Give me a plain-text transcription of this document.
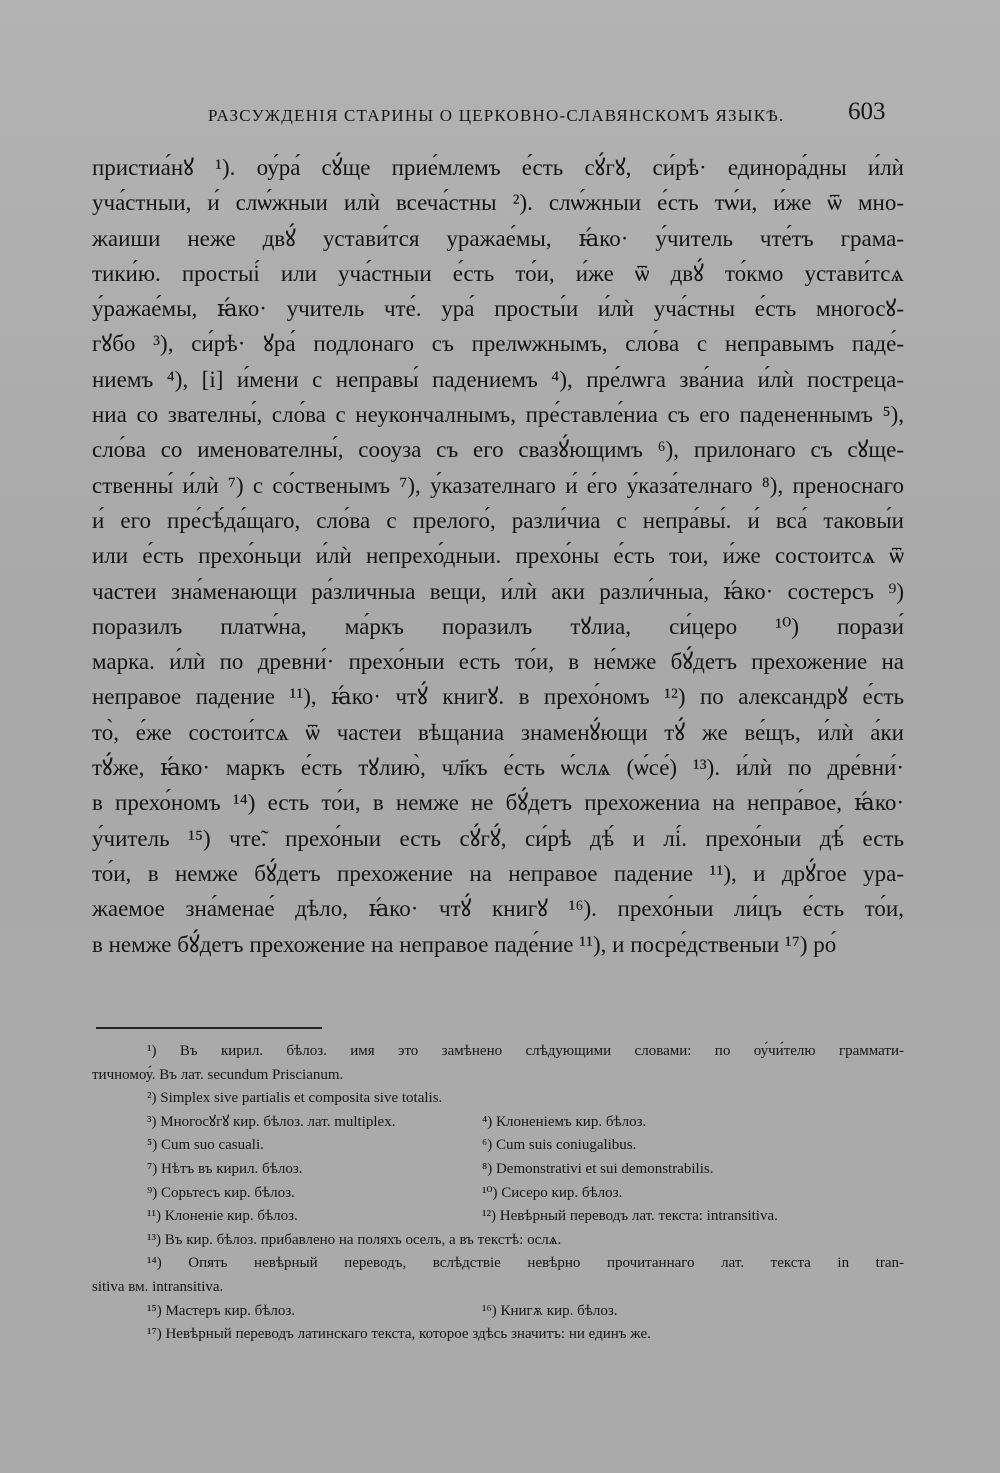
РАЗСУЖДЕНІЯ СТАРИНЫ О ЦЕРКОВНО-СЛАВЯНСКОМЪ ЯЗЫКѢ.	603
пристиа́нꙋ ¹). оу́ра́ сꙋ́ще прие́млемъ е́сть сꙋ́гꙋ, си́рѣ· единора́дны и́лѝ
уча́стныи, и́ слѡ́жныи илѝ всеча́стны ²). слѡ́жныи е́сть тѡ́и, и́же ѿ мно-
жаиши неже двꙋ́ устави́тся уражае́мы, ꙗ́ко· у́читель чте́тъ грама-
тики́ю. простыі́ или уча́стныи е́сть то́и, и́же ѿ двꙋ́ то́кмо устави́тсѧ
у́ражае́мы, ꙗ́ко· учитель чте́. ура́ просты́и и́лѝ уча́стны е́сть многосꙋ-
гꙋбо ³), си́рѣ· ꙋра́ подлонаго съ прелѡжнымъ, сло́ва с неправымъ паде́-
ниемъ ⁴), [і] и́мени с неправы́ падениемъ ⁴), пре́лѡга зва́ниа и́лѝ постреца-
ниа со звателны́, сло́ва с неукончалнымъ, пре́ставле́ниа съ его падененнымъ ⁵),
сло́ва со именователны́, сооуза съ его свазꙋ́ющимъ ⁶), прилонаго съ сꙋще-
ственны́ и́лѝ ⁷) с со́ственымъ ⁷), у́казателнаго и́ е́го у́каза́телнаго ⁸), преноснаго
и́ его пре́сѣ́да́щаго, сло́ва с прелого́, разли́чиа с непра́вы́. и́ вса́ таковы́и
или е́сть прехо́ньци и́лѝ непрехо́дныи. прехо́ны е́сть тои, и́же состоитсѧ ѿ
частеи зна́менающи ра́зличныа вещи, и́лѝ аки разли́чныа, ꙗ́ко· состерсъ ⁹)
поразилъ платѡ́на, ма́ркъ поразилъ тꙋлиа, си́церо ¹⁰) порази́
марка. и́лѝ по древни́· прехо́ныи есть то́и, в не́мже бꙋ́детъ прехожение на
неправое падение ¹¹), ꙗ́ко· чтꙋ́ книгꙋ. в прехо́номъ ¹²) по александрꙋ е́сть
то̀, е́же состои́тсѧ ѿ частеи вѣщаниа знаменꙋ́ющи тꙋ́ же ве́щъ, и́лѝ а́ки
тꙋ́же, ꙗ́ко· маркъ е́сть тꙋлию̀, чл҃къ е́сть ѡ́слѧ (ѡ́се́) ¹³). и́лѝ по дре́вни́·
в прехо́номъ ¹⁴) есть то́и, в немже не бꙋ́детъ прехожениа на непра́вое, ꙗ́ко·
у́читель ¹⁵) чте̃. прехо́ныи есть сꙋ́гꙋ́, си́рѣ дѣ́ и лі́. прехо́ныи дѣ́ есть
то́и, в немже бꙋ́детъ прехожение на неправое падение ¹¹), и дрꙋ́гое ура-
жаемое зна́менае́ дѣло, ꙗ́ко· чтꙋ́ книгꙋ ¹⁶). прехо́ныи ли́цъ е́сть то́и,
в немже бꙋ́детъ прехожение на неправое паде́ние ¹¹), и посре́дственыи ¹⁷) ро́
¹) Въ кирил. бѣлоз. имя это замѣнено слѣдующими словами: по оу́чи́телю граммати-
тичномоу́. Въ лат. secundum Priscianum.
²) Simplex sive partialis et composita sive totalis.
³) Многоcꙋгꙋ кир. бѣлоз. лат. multiplex.	⁴) Клоненіемъ кир. бѣлоз.
⁵) Cum suo casuali.	⁶) Cum suis coniugalibus.
⁷) Нѣтъ въ кирил. бѣлоз.	⁸) Demonstrativi et sui demonstrabilis.
⁹) Сорьтесъ кир. бѣлоз.	¹⁰) Сисеро кир. бѣлоз.
¹¹) Клоненіе кир. бѣлоз.	¹²) Невѣрный переводъ лат. текста: intransitiva.
¹³) Въ кир. бѣлоз. прибавлено на поляхъ ocелъ, а въ текстѣ: ocлѧ.
¹⁴) Опять невѣрный переводъ, вслѣдствіе невѣрно прочитаннаго лат. текста in tran-
sitiva вм. intransitiva.
¹⁵) Мастеръ кир. бѣлоз.	¹⁶) Книгѫ кир. бѣлоз.
¹⁷) Невѣрный переводъ латинскаго текста, которое здѣсь значитъ: ни единъ же.
